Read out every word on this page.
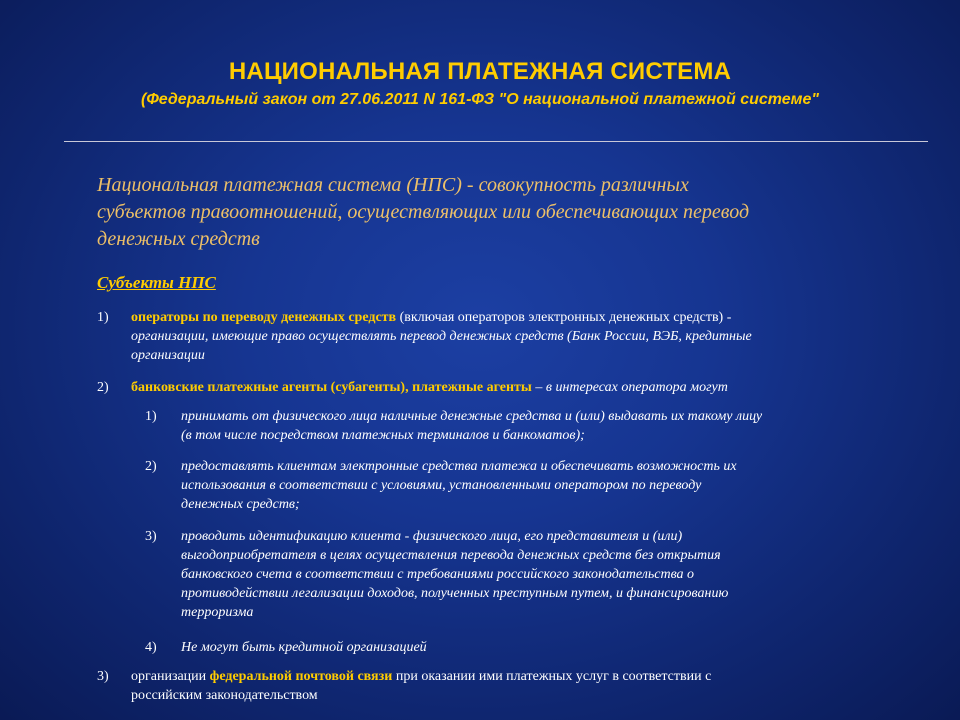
НАЦИОНАЛЬНАЯ ПЛАТЕЖНАЯ СИСТЕМА
(Федеральный закон от 27.06.2011 N 161-ФЗ "О национальной платежной системе"
Национальная платежная система (НПС) - совокупность различных
субъектов правоотношений, осуществляющих или обеспечивающих перевод
денежных средств
Субъекты НПС
1) операторы по переводу денежных средств (включая операторов электронных денежных средств) -
организации, имеющие право осуществлять перевод денежных средств (Банк России, ВЭБ, кредитные
организации
2) банковские платежные агенты (субагенты), платежные агенты – в интересах оператора могут
1) принимать от физического лица наличные денежные средства и (или) выдавать их такому лицу
(в том числе посредством платежных терминалов и банкоматов);
2) предоставлять клиентам электронные средства платежа и обеспечивать возможность их
использования в соответствии с условиями, установленными оператором по переводу
денежных средств;
3) проводить идентификацию клиента - физического лица, его представителя и (или)
выгодоприобретателя в целях осуществления перевода денежных средств без открытия
банковского счета в соответствии с требованиями российского законодательства о
противодействии легализации доходов, полученных преступным путем, и финансированию
терроризма
4) Не могут быть кредитной организацией
3) организации федеральной почтовой связи при оказании ими платежных услуг в соответствии с
российским законодательством
